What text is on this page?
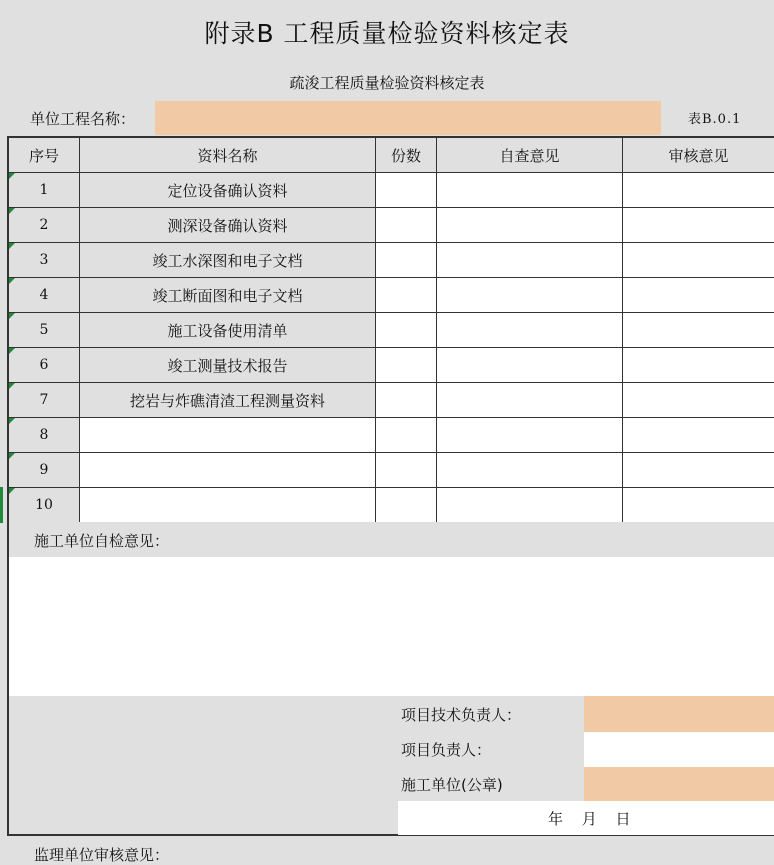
附录B 工程质量检验资料核定表
疏浚工程质量检验资料核定表
单位工程名称：	表B.0.1
序号	资料名称	份数	自查意见	审核意见
1	定位设备确认资料
2	测深设备确认资料
3	竣工水深图和电子文档
4	竣工断面图和电子文档
5	施工设备使用清单
6	竣工测量技术报告
7	挖岩与炸礁清渣工程测量资料
8
9
10
施工单位自检意见：
项目技术负责人：
项目负责人：
施工单位(公章)
年 月 日
监理单位审核意见：
